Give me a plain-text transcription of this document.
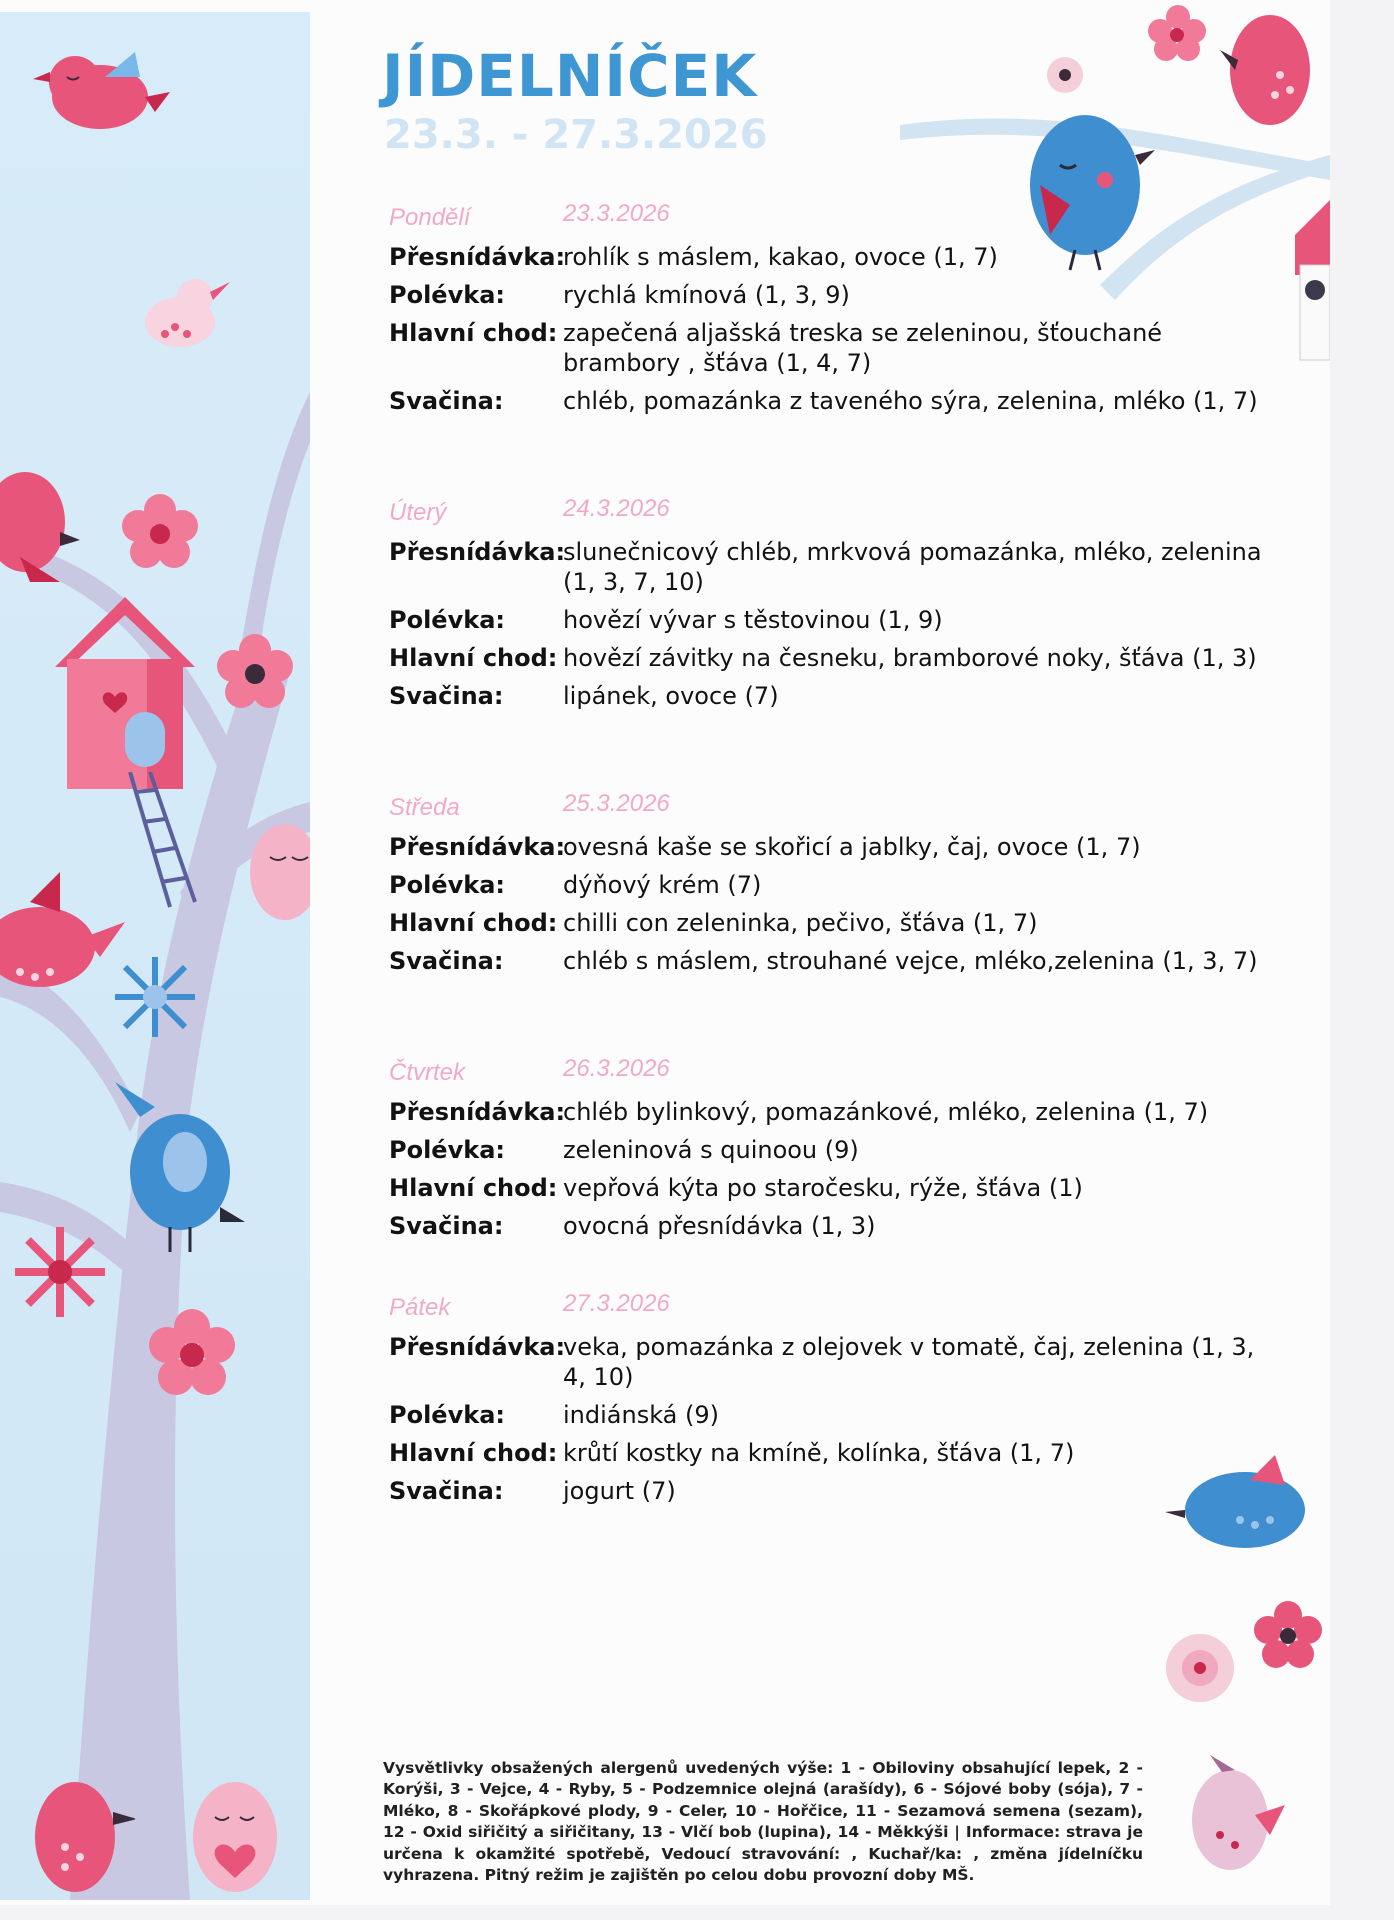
JÍDELNÍČEK
23.3. - 27.3.2026
Pondělí	23.3.2026
Přesnídávka:
rohlík s máslem, kakao, ovoce (1, 7)
Polévka:	rychlá kmínová (1, 3, 9)
Hlavní chod: zapečená aljašská treska se zeleninou, šťouchané brambory , šťáva (1, 4, 7)
Svačina:	chléb, pomazánka z taveného sýra, zelenina, mléko (1, 7)
Úterý	24.3.2026
Přesnídávka:
slunečnicový chléb, mrkvová pomazánka, mléko, zelenina (1, 3, 7, 10)
Polévka:	hovězí vývar s těstovinou (1, 9)
Hlavní chod: hovězí závitky na česneku, bramborové noky, šťáva (1, 3)
Svačina:	lipánek, ovoce (7)
Středa	25.3.2026
Přesnídávka:
ovesná kaše se skořicí a jablky, čaj, ovoce (1, 7)
Polévka:	dýňový krém (7)
Hlavní chod: chilli con zeleninka, pečivo, šťáva (1, 7)
Svačina:	chléb s máslem, strouhané vejce, mléko,zelenina (1, 3, 7)
Čtvrtek	26.3.2026
Přesnídávka:
chléb bylinkový, pomazánkové, mléko, zelenina (1, 7)
Polévka:	zeleninová s quinoou (9)
Hlavní chod: vepřová kýta po staročesku, rýže, šťáva (1)
Svačina:	ovocná přesnídávka (1, 3)
Pátek	27.3.2026
Přesnídávka:
veka, pomazánka z olejovek v tomatě, čaj, zelenina (1, 3, 4, 10)
Polévka:	indiánská (9)
Hlavní chod: krůtí kostky na kmíně, kolínka, šťáva (1, 7)
Svačina:	jogurt (7)

Vysvětlivky obsažených alergenů uvedených výše: 1 - Obiloviny obsahující lepek, 2 - Korýši, 3 - Vejce, 4 - Ryby, 5 - Podzemnice olejná (arašídy), 6 - Sójové boby (sója), 7 - Mléko, 8 - Skořápkové plody, 9 - Celer, 10 - Hořčice, 11 - Sezamová semena (sezam), 12 - Oxid siřičitý a siřičitany, 13 - Vlčí bob (lupina), 14 - Měkkýši | Informace: strava je určena k okamžité spotřebě, Vedoucí stravování: , Kuchař/ka: , změna jídelníčku vyhrazena. Pitný režim je zajištěn po celou dobu provozní doby MŠ.
